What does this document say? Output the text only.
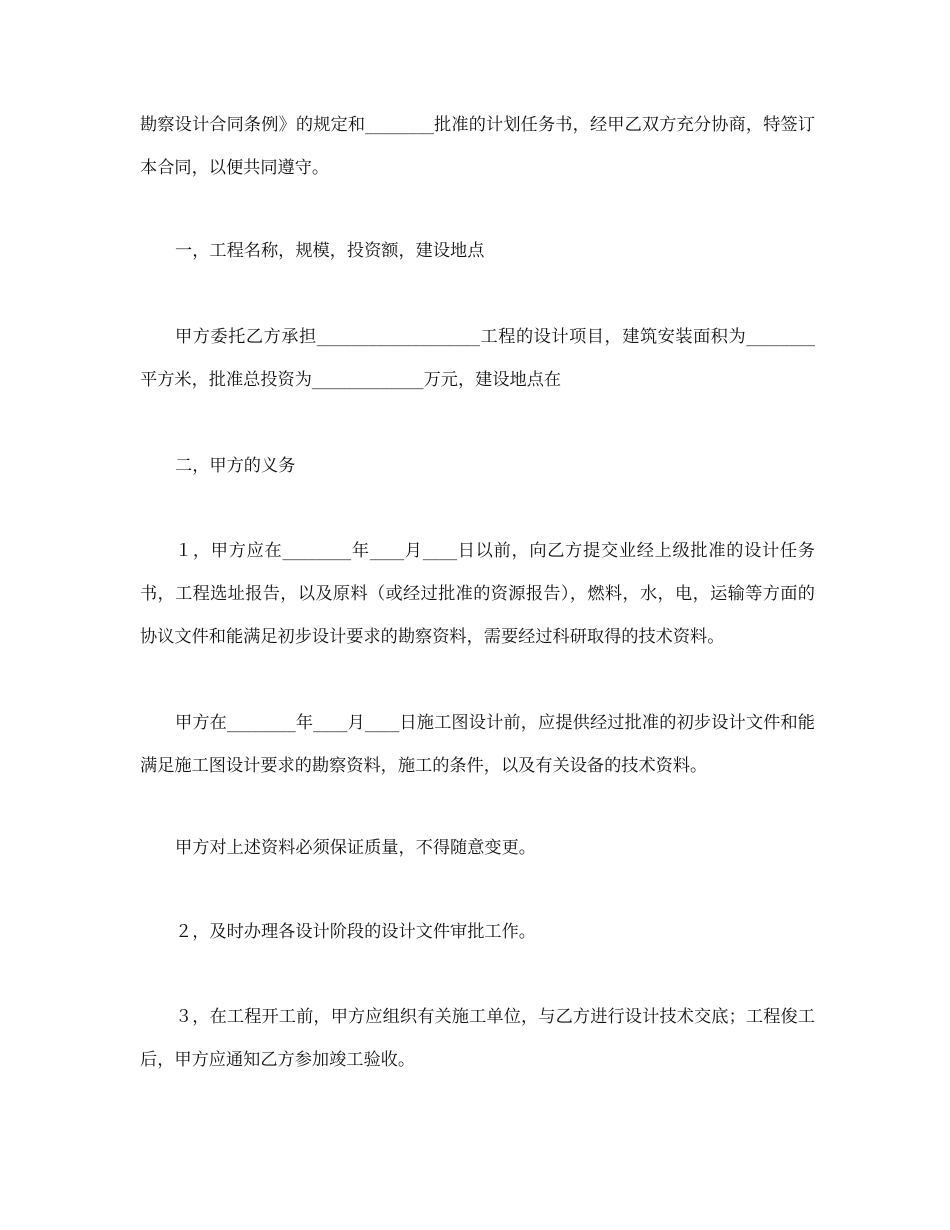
勘察设计合同条例》的规定和________批准的计划任务书，经甲乙双方充分协商，特签订本合同，以便共同遵守。

一，工程名称，规模，投资额，建设地点

甲方委托乙方承担___________________工程的设计项目，建筑安装面积为________平方米，批准总投资为_____________万元，建设地点在

二，甲方的义务

１，甲方应在________年____月____日以前，向乙方提交业经上级批准的设计任务书，工程选址报告，以及原料（或经过批准的资源报告），燃料，水，电，运输等方面的协议文件和能满足初步设计要求的勘察资料，需要经过科研取得的技术资料。

甲方在________年____月____日施工图设计前，应提供经过批准的初步设计文件和能满足施工图设计要求的勘察资料，施工的条件，以及有关设备的技术资料。

甲方对上述资料必须保证质量，不得随意变更。

２，及时办理各设计阶段的设计文件审批工作。

３，在工程开工前，甲方应组织有关施工单位，与乙方进行设计技术交底；工程俊工后，甲方应通知乙方参加竣工验收。
